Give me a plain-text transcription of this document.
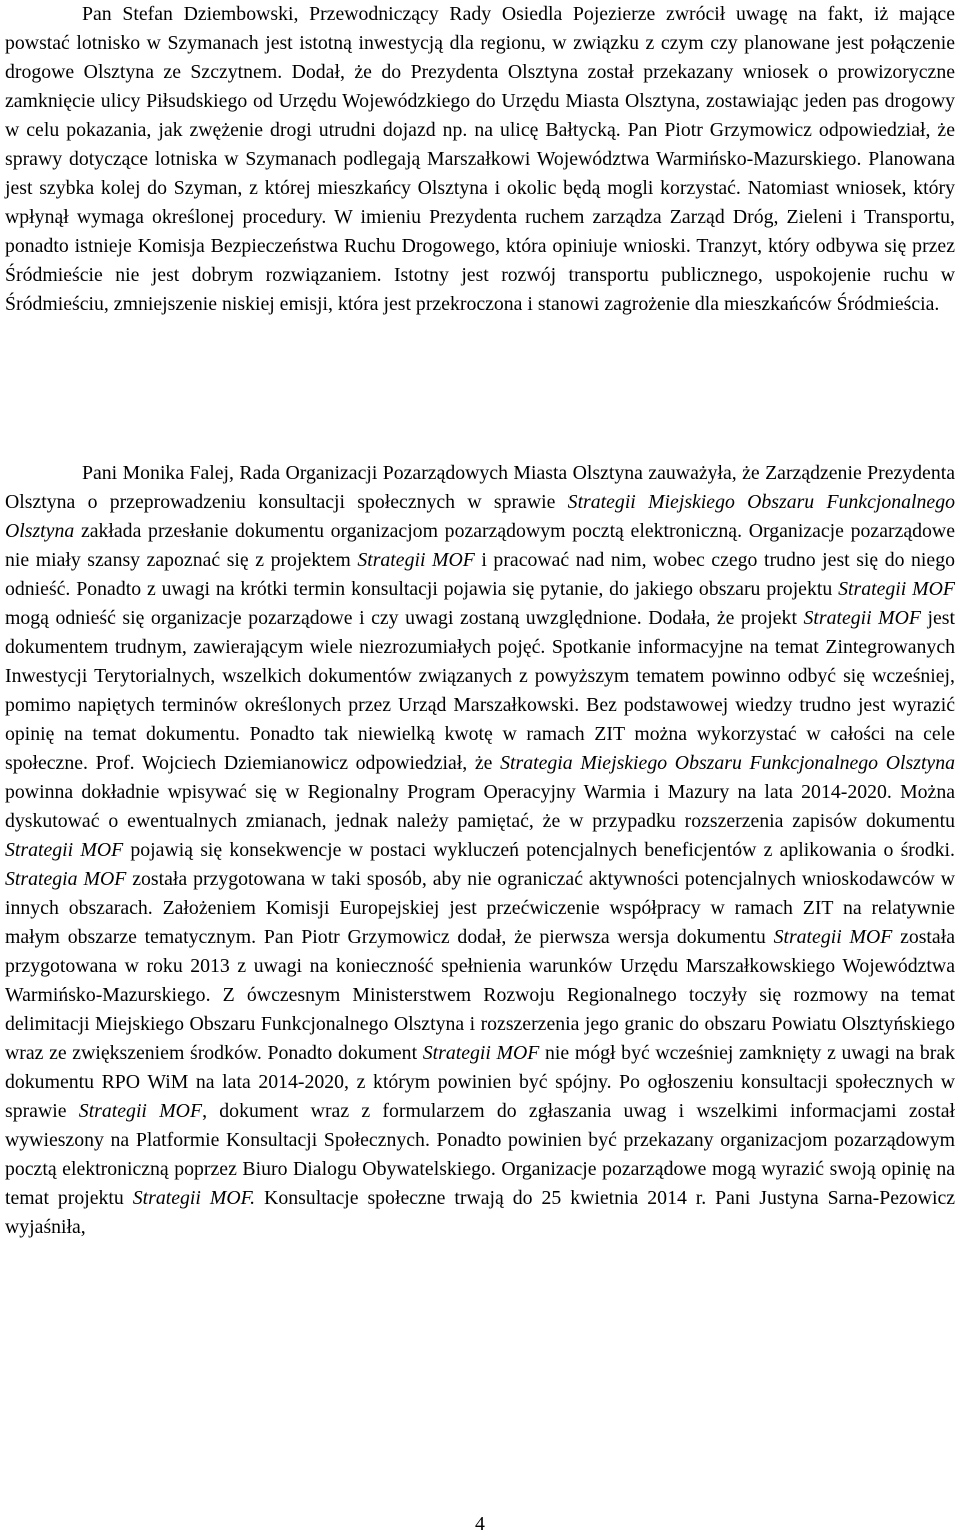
Pan Stefan Dziembowski, Przewodniczący Rady Osiedla Pojezierze zwrócił uwagę na fakt, iż mające powstać lotnisko w Szymanach jest istotną inwestycją dla regionu, w związku z czym czy planowane jest połączenie drogowe Olsztyna ze Szczytnem. Dodał, że do Prezydenta Olsztyna został przekazany wniosek o prowizoryczne zamknięcie ulicy Piłsudskiego od Urzędu Wojewódzkiego do Urzędu Miasta Olsztyna, zostawiając jeden pas drogowy w celu pokazania, jak zwężenie drogi utrudni dojazd np. na ulicę Bałtycką. Pan Piotr Grzymowicz odpowiedział, że sprawy dotyczące lotniska w Szymanach podlegają Marszałkowi Województwa Warmińsko-Mazurskiego. Planowana jest szybka kolej do Szyman, z której mieszkańcy Olsztyna i okolic będą mogli korzystać. Natomiast wniosek, który wpłynął wymaga określonej procedury. W imieniu Prezydenta ruchem zarządza Zarząd Dróg, Zieleni i Transportu, ponadto istnieje Komisja Bezpieczeństwa Ruchu Drogowego, która opiniuje wnioski. Tranzyt, który odbywa się przez Śródmieście nie jest dobrym rozwiązaniem. Istotny jest rozwój transportu publicznego, uspokojenie ruchu w Śródmieściu, zmniejszenie niskiej emisji, która jest przekroczona i stanowi zagrożenie dla mieszkańców Śródmieścia.

Pani Monika Falej, Rada Organizacji Pozarządowych Miasta Olsztyna zauważyła, że Zarządzenie Prezydenta Olsztyna o przeprowadzeniu konsultacji społecznych w sprawie Strategii Miejskiego Obszaru Funkcjonalnego Olsztyna zakłada przesłanie dokumentu organizacjom pozarządowym pocztą elektroniczną. Organizacje pozarządowe nie miały szansy zapoznać się z projektem Strategii MOF i pracować nad nim, wobec czego trudno jest się do niego odnieść. Ponadto z uwagi na krótki termin konsultacji pojawia się pytanie, do jakiego obszaru projektu Strategii MOF mogą odnieść się organizacje pozarządowe i czy uwagi zostaną uwzględnione. Dodała, że projekt Strategii MOF jest dokumentem trudnym, zawierającym wiele niezrozumiałych pojęć. Spotkanie informacyjne na temat Zintegrowanych Inwestycji Terytorialnych, wszelkich dokumentów związanych z powyższym tematem powinno odbyć się wcześniej, pomimo napiętych terminów określonych przez Urząd Marszałkowski. Bez podstawowej wiedzy trudno jest wyrazić opinię na temat dokumentu. Ponadto tak niewielką kwotę w ramach ZIT można wykorzystać w całości na cele społeczne. Prof. Wojciech Dziemianowicz odpowiedział, że Strategia Miejskiego Obszaru Funkcjonalnego Olsztyna powinna dokładnie wpisywać się w Regionalny Program Operacyjny Warmia i Mazury na lata 2014-2020. Można dyskutować o ewentualnych zmianach, jednak należy pamiętać, że w przypadku rozszerzenia zapisów dokumentu Strategii MOF pojawią się konsekwencje w postaci wykluczeń potencjalnych beneficjentów z aplikowania o środki. Strategia MOF została przygotowana w taki sposób, aby nie ograniczać aktywności potencjalnych wnioskodawców w innych obszarach. Założeniem Komisji Europejskiej jest przećwiczenie współpracy w ramach ZIT na relatywnie małym obszarze tematycznym. Pan Piotr Grzymowicz dodał, że pierwsza wersja dokumentu Strategii MOF została przygotowana w roku 2013 z uwagi na konieczność spełnienia warunków Urzędu Marszałkowskiego Województwa Warmińsko-Mazurskiego. Z ówczesnym Ministerstwem Rozwoju Regionalnego toczyły się rozmowy na temat delimitacji Miejskiego Obszaru Funkcjonalnego Olsztyna i rozszerzenia jego granic do obszaru Powiatu Olsztyńskiego wraz ze zwiększeniem środków. Ponadto dokument Strategii MOF nie mógł być wcześniej zamknięty z uwagi na brak dokumentu RPO WiM na lata 2014-2020, z którym powinien być spójny. Po ogłoszeniu konsultacji społecznych w sprawie Strategii MOF, dokument wraz z formularzem do zgłaszania uwag i wszelkimi informacjami został wywieszony na Platformie Konsultacji Społecznych. Ponadto powinien być przekazany organizacjom pozarządowym pocztą elektroniczną poprzez Biuro Dialogu Obywatelskiego. Organizacje pozarządowe mogą wyrazić swoją opinię na temat projektu Strategii MOF. Konsultacje społeczne trwają do 25 kwietnia 2014 r. Pani Justyna Sarna-Pezowicz wyjaśniła,

4
